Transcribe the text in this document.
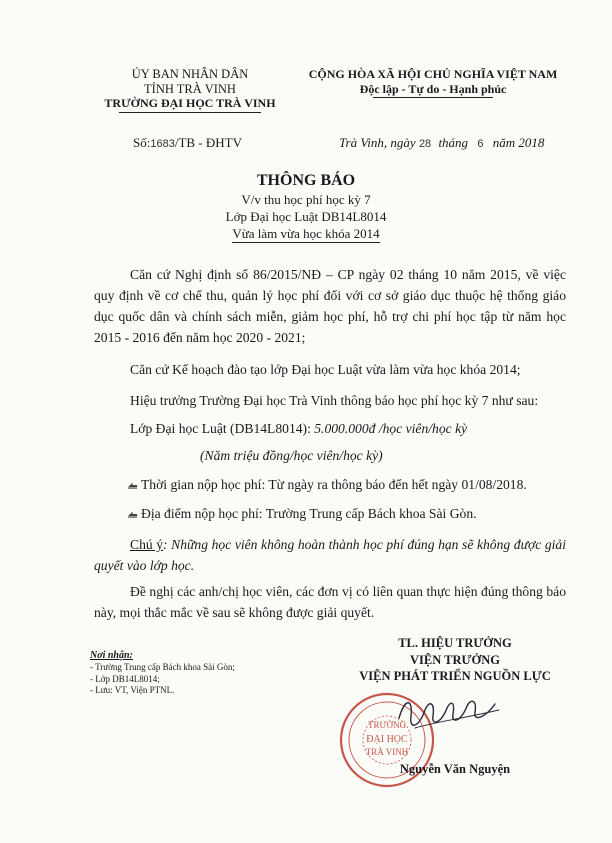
ỦY BAN NHÂN DÂN
TỈNH TRÀ VINH
TRƯỜNG ĐẠI HỌC TRÀ VINH
CỘNG HÒA XÃ HỘI CHỦ NGHĨA VIỆT NAM
Độc lập - Tự do - Hạnh phúc
Số:1683/TB - ĐHTV	Trà Vinh, ngày 28 tháng 6 năm 2018
THÔNG BÁO
V/v thu học phí học kỳ 7
Lớp Đại học Luật DB14L8014
Vừa làm vừa học khóa 2014
Căn cứ Nghị định số 86/2015/NĐ – CP ngày 02 tháng 10 năm 2015, về việc quy định về cơ chế thu, quản lý học phí đối với cơ sở giáo dục thuộc hệ thống giáo dục quốc dân và chính sách miễn, giảm học phí, hỗ trợ chi phí học tập từ năm học 2015 - 2016 đến năm học 2020 - 2021;
Căn cứ Kế hoạch đào tạo lớp Đại học Luật vừa làm vừa học khóa 2014;
Hiệu trưởng Trường Đại học Trà Vinh thông báo học phí học kỳ 7 như sau:
Lớp Đại học Luật (DB14L8014): 5.000.000đ /học viên/học kỳ
(Năm triệu đồng/học viên/học kỳ)
Thời gian nộp học phí: Từ ngày ra thông báo đến hết ngày 01/08/2018.
Địa điểm nộp học phí: Trường Trung cấp Bách khoa Sài Gòn.
Chú ý: Những học viên không hoàn thành học phí đúng hạn sẽ không được giải quyết vào lớp học.
Đề nghị các anh/chị học viên, các đơn vị có liên quan thực hiện đúng thông báo này, mọi thắc mắc về sau sẽ không được giải quyết.
Nơi nhận:
- Trường Trung cấp Bách khoa Sài Gòn;
- Lớp DB14L8014;
- Lưu: VT, Viện PTNL.
TL. HIỆU TRƯỞNG
VIỆN TRƯỞNG
VIỆN PHÁT TRIỂN NGUỒN LỰC
TRƯỜNG
ĐẠI HỌC
TRÀ VINH
Nguyễn Văn Nguyện
